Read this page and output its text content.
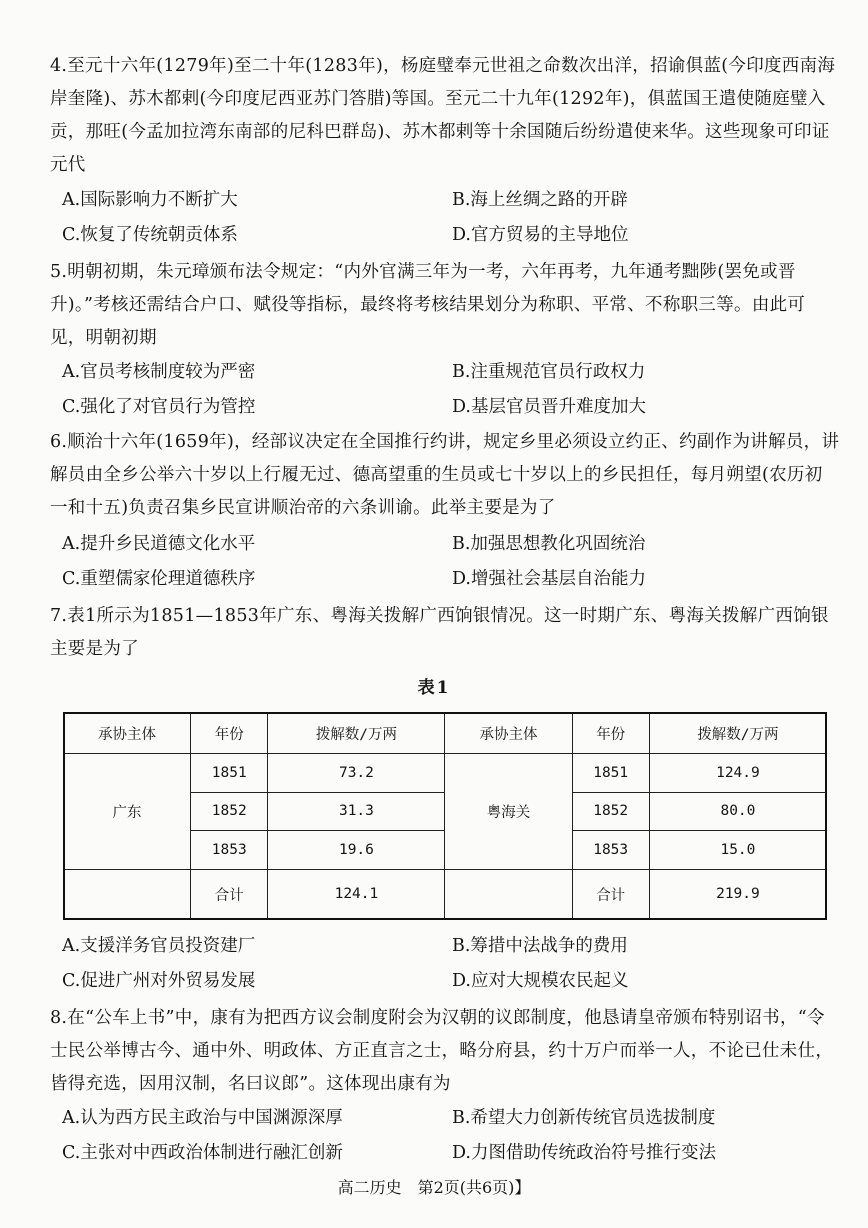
4.至元十六年(1279年)至二十年(1283年)，杨庭璧奉元世祖之命数次出洋，招谕俱蓝(今印度西南海岸奎隆)、苏木都剌(今印度尼西亚苏门答腊)等国。至元二十九年(1292年)，俱蓝国王遣使随庭璧入贡，那旺(今孟加拉湾东南部的尼科巴群岛)、苏木都剌等十余国随后纷纷遣使来华。这些现象可印证元代
A.国际影响力不断扩大	B.海上丝绸之路的开辟
C.恢复了传统朝贡体系	D.官方贸易的主导地位
5.明朝初期，朱元璋颁布法令规定：“内外官满三年为一考，六年再考，九年通考黜陟(罢免或晋升)。”考核还需结合户口、赋役等指标，最终将考核结果划分为称职、平常、不称职三等。由此可见，明朝初期
A.官员考核制度较为严密	B.注重规范官员行政权力
C.强化了对官员行为管控	D.基层官员晋升难度加大
6.顺治十六年(1659年)，经部议决定在全国推行约讲，规定乡里必须设立约正、约副作为讲解员，讲解员由全乡公举六十岁以上行履无过、德高望重的生员或七十岁以上的乡民担任，每月朔望(农历初一和十五)负责召集乡民宣讲顺治帝的六条训谕。此举主要是为了
A.提升乡民道德文化水平	B.加强思想教化巩固统治
C.重塑儒家伦理道德秩序	D.增强社会基层自治能力
7.表1所示为1851—1853年广东、粤海关拨解广西饷银情况。这一时期广东、粤海关拨解广西饷银主要是为了
表1
承协主体	年份	拨解数/万两	承协主体	年份	拨解数/万两
广东	1851	73.2	粤海关	1851	124.9
	1852	31.3		1852	80.0
	1853	19.6		1853	15.0
	合计	124.1		合计	219.9
A.支援洋务官员投资建厂	B.筹措中法战争的费用
C.促进广州对外贸易发展	D.应对大规模农民起义
8.在“公车上书”中，康有为把西方议会制度附会为汉朝的议郎制度，他恳请皇帝颁布特别诏书，“令士民公举博古今、通中外、明政体、方正直言之士，略分府县，约十万户而举一人，不论已仕未仕，皆得充选，因用汉制，名曰议郎”。这体现出康有为
A.认为西方民主政治与中国渊源深厚	B.希望大力创新传统官员选拔制度
C.主张对中西政治体制进行融汇创新	D.力图借助传统政治符号推行变法
高二历史　第2页(共6页)】
